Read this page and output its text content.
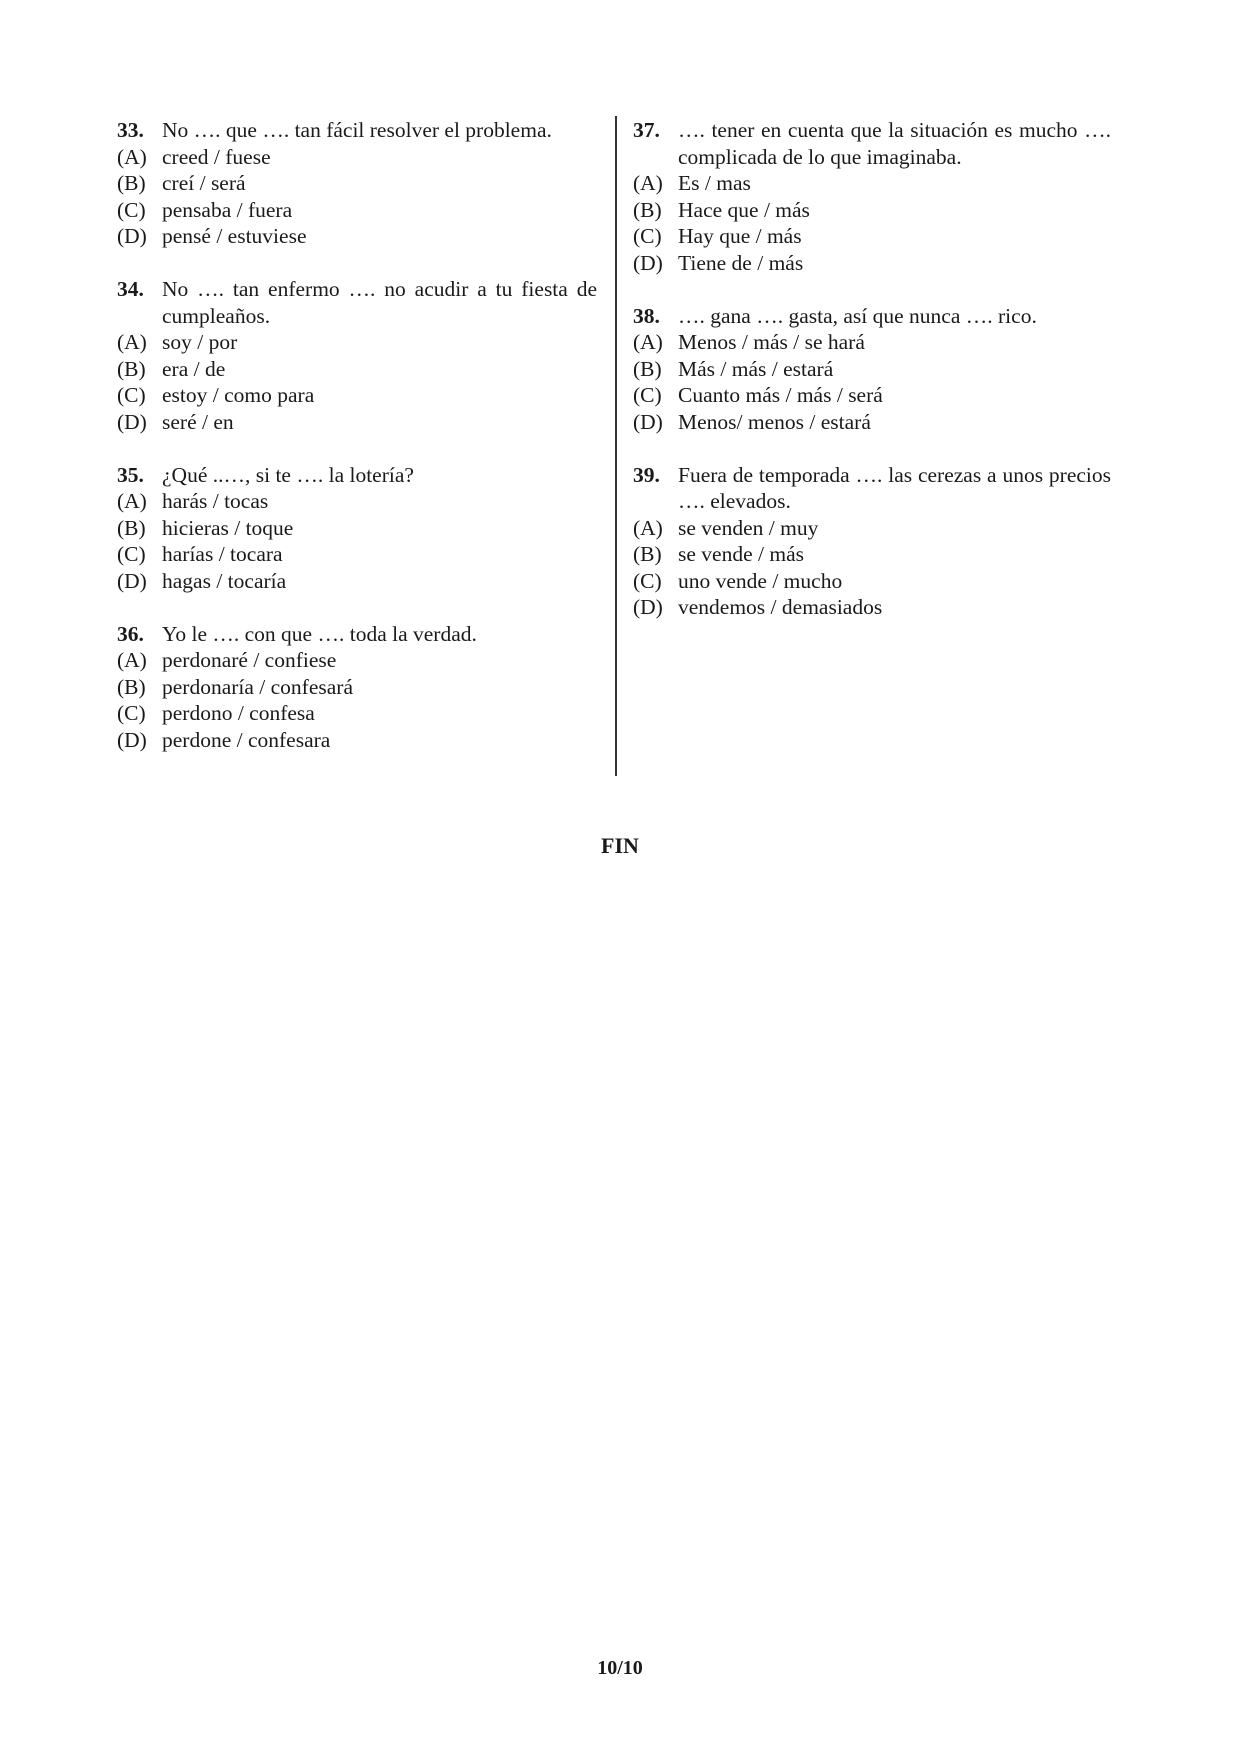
33. No …. que …. tan fácil resolver el problema.
(A) creed / fuese
(B) creí / será
(C) pensaba / fuera
(D) pensé / estuviese
34. No …. tan enfermo …. no acudir a tu fiesta de cumpleaños.
(A) soy / por
(B) era / de
(C) estoy / como para
(D) seré / en
35. ¿Qué ..…, si te …. la lotería?
(A) harás / tocas
(B) hicieras / toque
(C) harías / tocara
(D) hagas / tocaría
36. Yo le …. con que …. toda la verdad.
(A) perdonaré / confiese
(B) perdonaría / confesará
(C) perdono / confesa
(D) perdone / confesara
37. …. tener en cuenta que la situación es mucho …. complicada de lo que imaginaba.
(A) Es / mas
(B) Hace que / más
(C) Hay que / más
(D) Tiene de / más
38. …. gana …. gasta, así que nunca …. rico.
(A) Menos / más / se hará
(B) Más / más / estará
(C) Cuanto más / más / será
(D) Menos/ menos / estará
39. Fuera de temporada …. las cerezas a unos precios …. elevados.
(A) se venden / muy
(B) se vende / más
(C) uno vende / mucho
(D) vendemos / demasiados
FIN
10/10
